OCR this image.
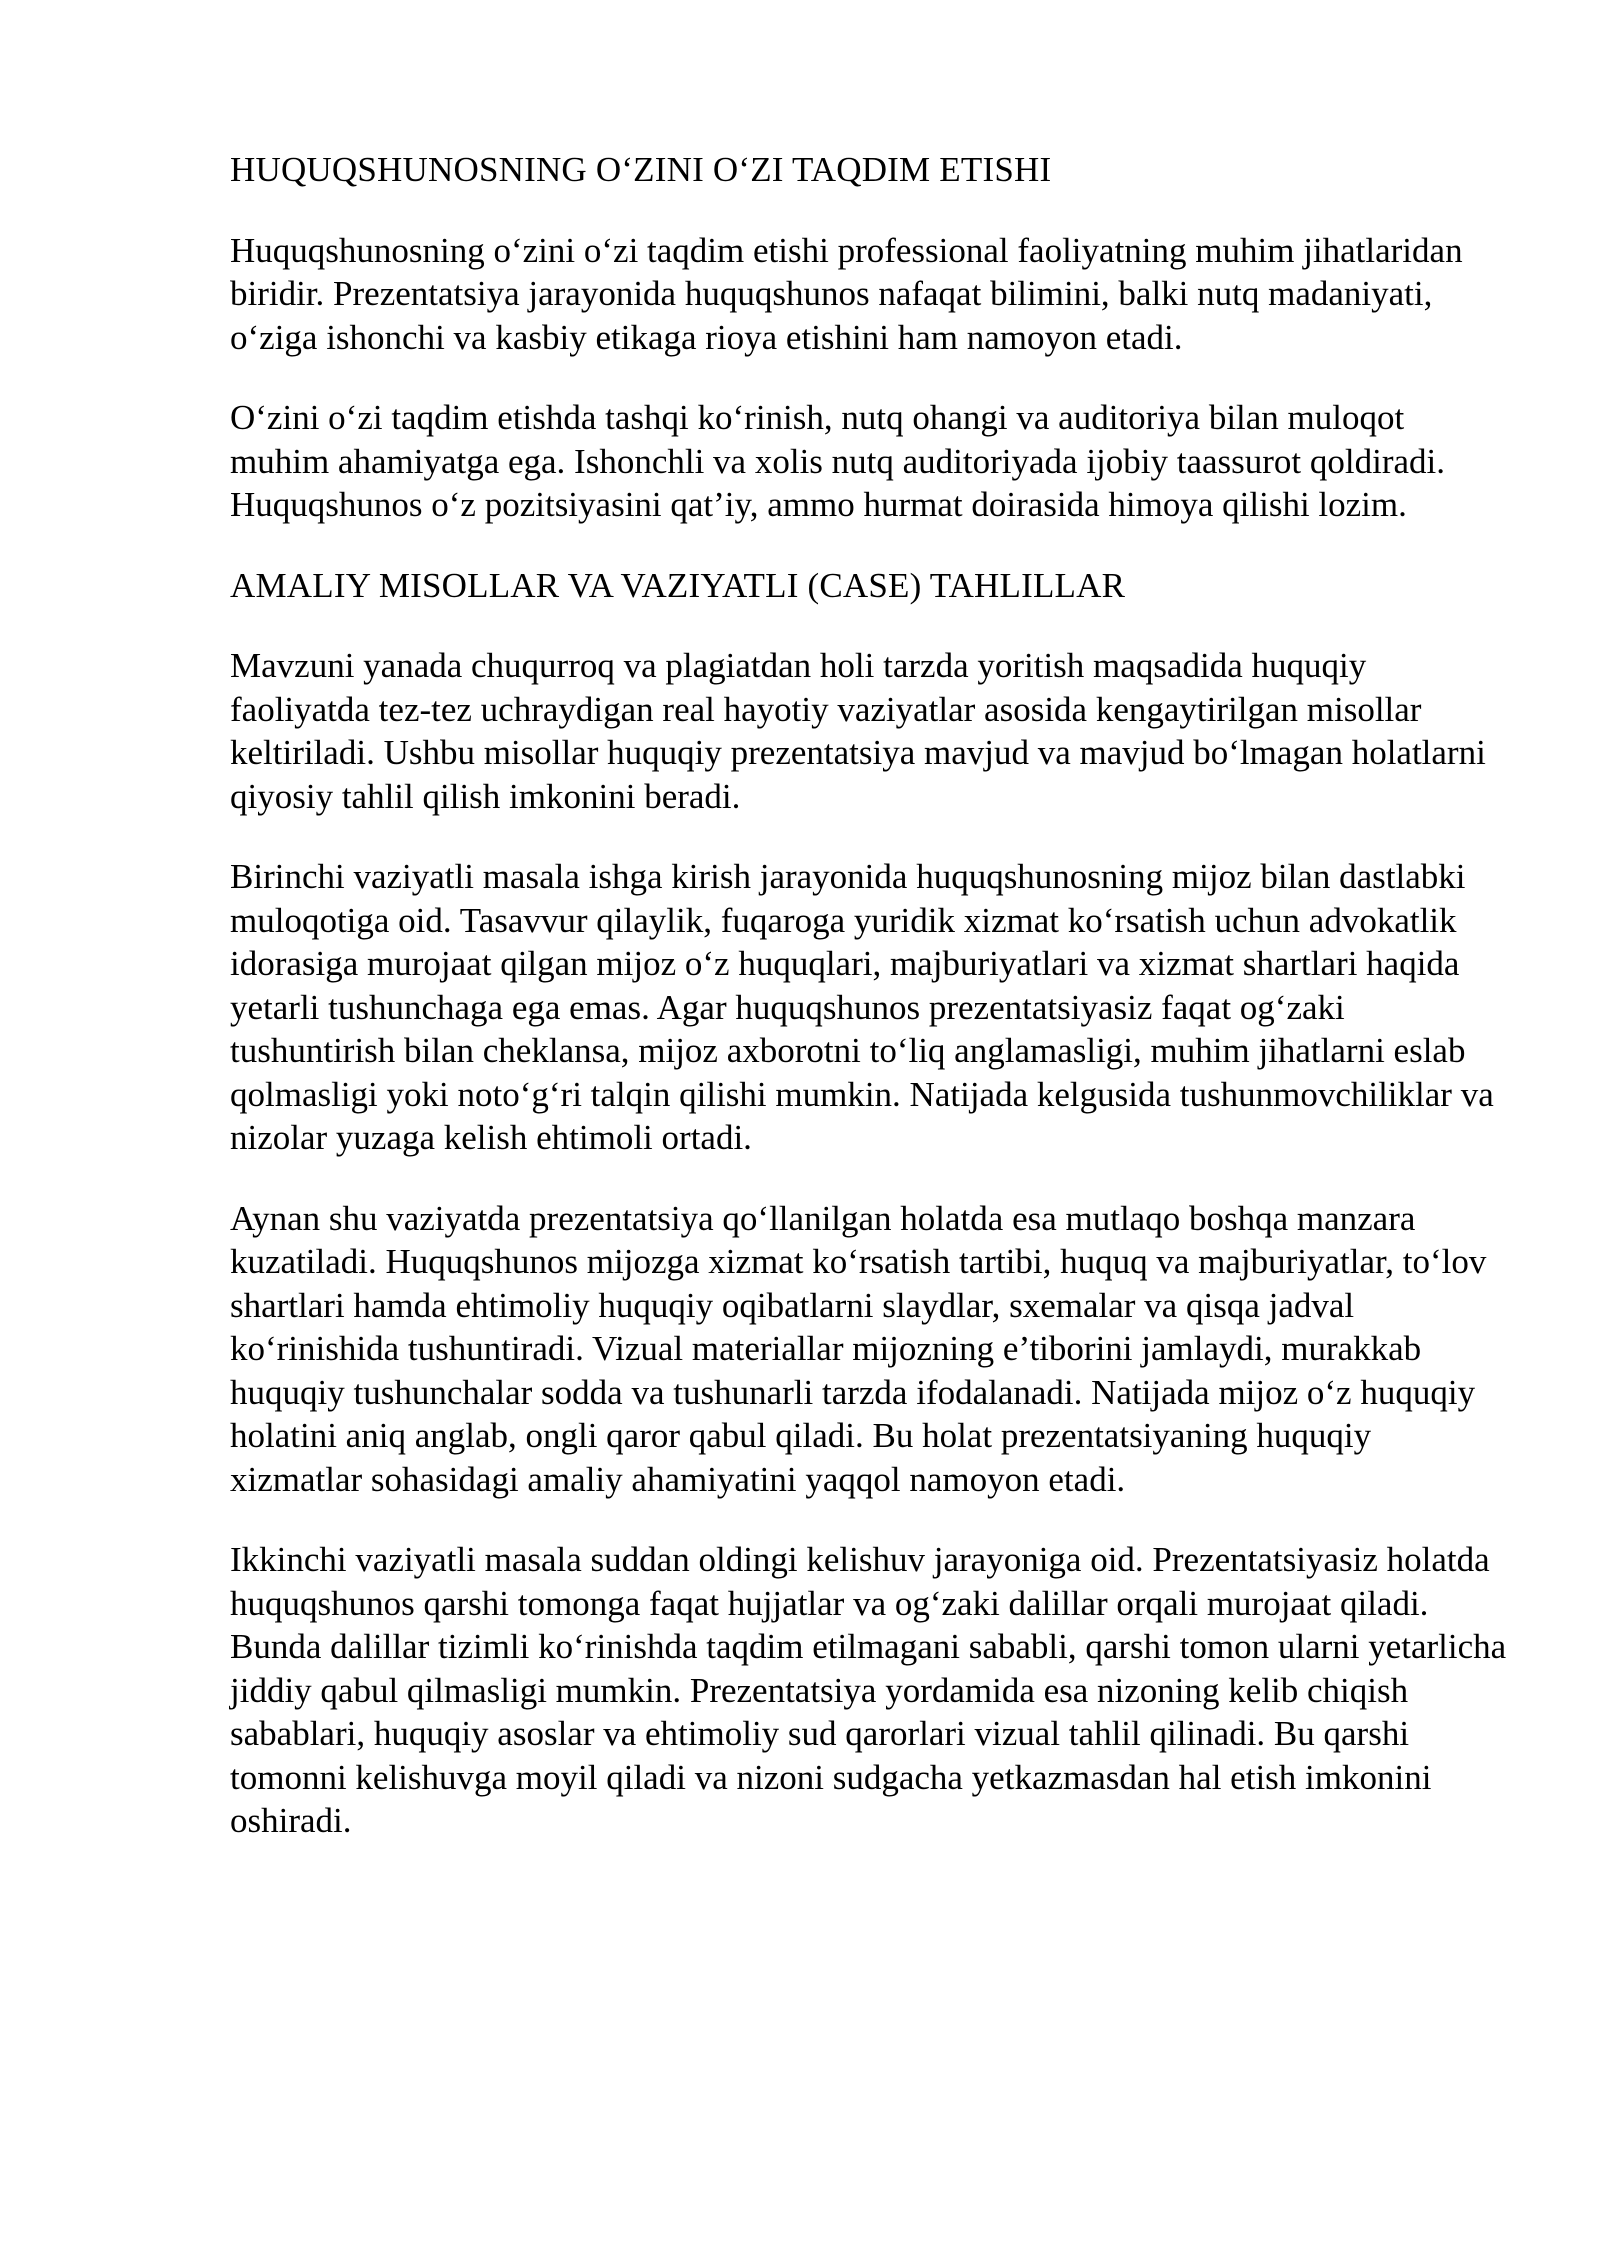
HUQUQSHUNOSNING O‘ZINI O‘ZI TAQDIM ETISHI

Huquqshunosning o‘zini o‘zi taqdim etishi professional faoliyatning muhim jihatlaridan biridir. Prezentatsiya jarayonida huquqshunos nafaqat bilimini, balki nutq madaniyati, o‘ziga ishonchi va kasbiy etikaga rioya etishini ham namoyon etadi.

O‘zini o‘zi taqdim etishda tashqi ko‘rinish, nutq ohangi va auditoriya bilan muloqot muhim ahamiyatga ega. Ishonchli va xolis nutq auditoriyada ijobiy taassurot qoldiradi. Huquqshunos o‘z pozitsiyasini qat’iy, ammo hurmat doirasida himoya qilishi lozim.

AMALIY MISOLLAR VA VAZIYATLI (CASE) TAHLILLAR

Mavzuni yanada chuqurroq va plagiatdan holi tarzda yoritish maqsadida huquqiy faoliyatda tez-tez uchraydigan real hayotiy vaziyatlar asosida kengaytirilgan misollar keltiriladi. Ushbu misollar huquqiy prezentatsiya mavjud va mavjud bo‘lmagan holatlarni qiyosiy tahlil qilish imkonini beradi.

Birinchi vaziyatli masala ishga kirish jarayonida huquqshunosning mijoz bilan dastlabki muloqotiga oid. Tasavvur qilaylik, fuqaroga yuridik xizmat ko‘rsatish uchun advokatlik idorasiga murojaat qilgan mijoz o‘z huquqlari, majburiyatlari va xizmat shartlari haqida yetarli tushunchaga ega emas. Agar huquqshunos prezentatsiyasiz faqat og‘zaki tushuntirish bilan cheklansa, mijoz axborotni to‘liq anglamasligi, muhim jihatlarni eslab qolmasligi yoki noto‘g‘ri talqin qilishi mumkin. Natijada kelgusida tushunmovchiliklar va nizolar yuzaga kelish ehtimoli ortadi.

Aynan shu vaziyatda prezentatsiya qo‘llanilgan holatda esa mutlaqo boshqa manzara kuzatiladi. Huquqshunos mijozga xizmat ko‘rsatish tartibi, huquq va majburiyatlar, to‘lov shartlari hamda ehtimoliy huquqiy oqibatlarni slaydlar, sxemalar va qisqa jadval ko‘rinishida tushuntiradi. Vizual materiallar mijozning e’tiborini jamlaydi, murakkab huquqiy tushunchalar sodda va tushunarli tarzda ifodalanadi. Natijada mijoz o‘z huquqiy holatini aniq anglab, ongli qaror qabul qiladi. Bu holat prezentatsiyaning huquqiy xizmatlar sohasidagi amaliy ahamiyatini yaqqol namoyon etadi.

Ikkinchi vaziyatli masala suddan oldingi kelishuv jarayoniga oid. Prezentatsiyasiz holatda huquqshunos qarshi tomonga faqat hujjatlar va og‘zaki dalillar orqali murojaat qiladi. Bunda dalillar tizimli ko‘rinishda taqdim etilmagani sababli, qarshi tomon ularni yetarlicha jiddiy qabul qilmasligi mumkin. Prezentatsiya yordamida esa nizoning kelib chiqish sabablari, huquqiy asoslar va ehtimoliy sud qarorlari vizual tahlil qilinadi. Bu qarshi tomonni kelishuvga moyil qiladi va nizoni sudgacha yetkazmasdan hal etish imkonini oshiradi.
